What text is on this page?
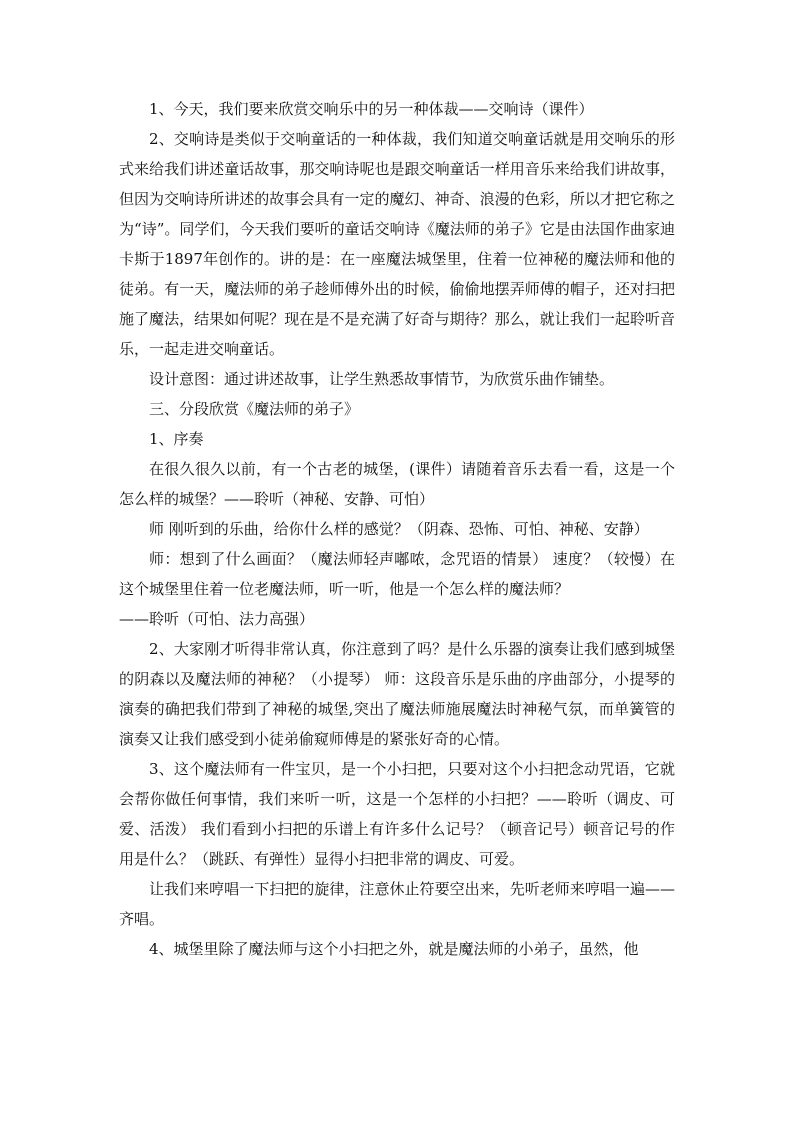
1、今天，我们要来欣赏交响乐中的另一种体裁——交响诗（课件）

2、交响诗是类似于交响童话的一种体裁，我们知道交响童话就是用交响乐的形式来给我们讲述童话故事，那交响诗呢也是跟交响童话一样用音乐来给我们讲故事，但因为交响诗所讲述的故事会具有一定的魔幻、神奇、浪漫的色彩，所以才把它称之为“诗”。同学们，今天我们要听的童话交响诗《魔法师的弟子》它是由法国作曲家迪卡斯于1897年创作的。讲的是：在一座魔法城堡里，住着一位神秘的魔法师和他的徒弟。有一天，魔法师的弟子趁师傅外出的时候，偷偷地摆弄师傅的帽子，还对扫把施了魔法，结果如何呢？现在是不是充满了好奇与期待？那么，就让我们一起聆听音乐，一起走进交响童话。

设计意图：通过讲述故事，让学生熟悉故事情节，为欣赏乐曲作铺垫。

三、分段欣赏《魔法师的弟子》

1、序奏

在很久很久以前，有一个古老的城堡，(课件）请随着音乐去看一看，这是一个怎么样的城堡？——聆听（神秘、安静、可怕）

师 刚听到的乐曲，给你什么样的感觉？（阴森、恐怖、可怕、神秘、安静）

师：想到了什么画面？（魔法师轻声嘟哝，念咒语的情景） 速度？（较慢）在这个城堡里住着一位老魔法师，听一听，他是一个怎么样的魔法师？

——聆听（可怕、法力高强）

2、大家刚才听得非常认真，你注意到了吗？是什么乐器的演奏让我们感到城堡的阴森以及魔法师的神秘？（小提琴） 师：这段音乐是乐曲的序曲部分，小提琴的演奏的确把我们带到了神秘的城堡,突出了魔法师施展魔法时神秘气氛，而单簧管的演奏又让我们感受到小徒弟偷窥师傅是的紧张好奇的心情。

3、这个魔法师有一件宝贝，是一个小扫把，只要对这个小扫把念动咒语，它就会帮你做任何事情，我们来听一听，这是一个怎样的小扫把？——聆听（调皮、可爱、活泼） 我们看到小扫把的乐谱上有许多什么记号？（顿音记号）顿音记号的作用是什么？（跳跃、有弹性）显得小扫把非常的调皮、可爱。

让我们来哼唱一下扫把的旋律，注意休止符要空出来，先听老师来哼唱一遍——齐唱。

4、城堡里除了魔法师与这个小扫把之外，就是魔法师的小弟子，虽然，他
